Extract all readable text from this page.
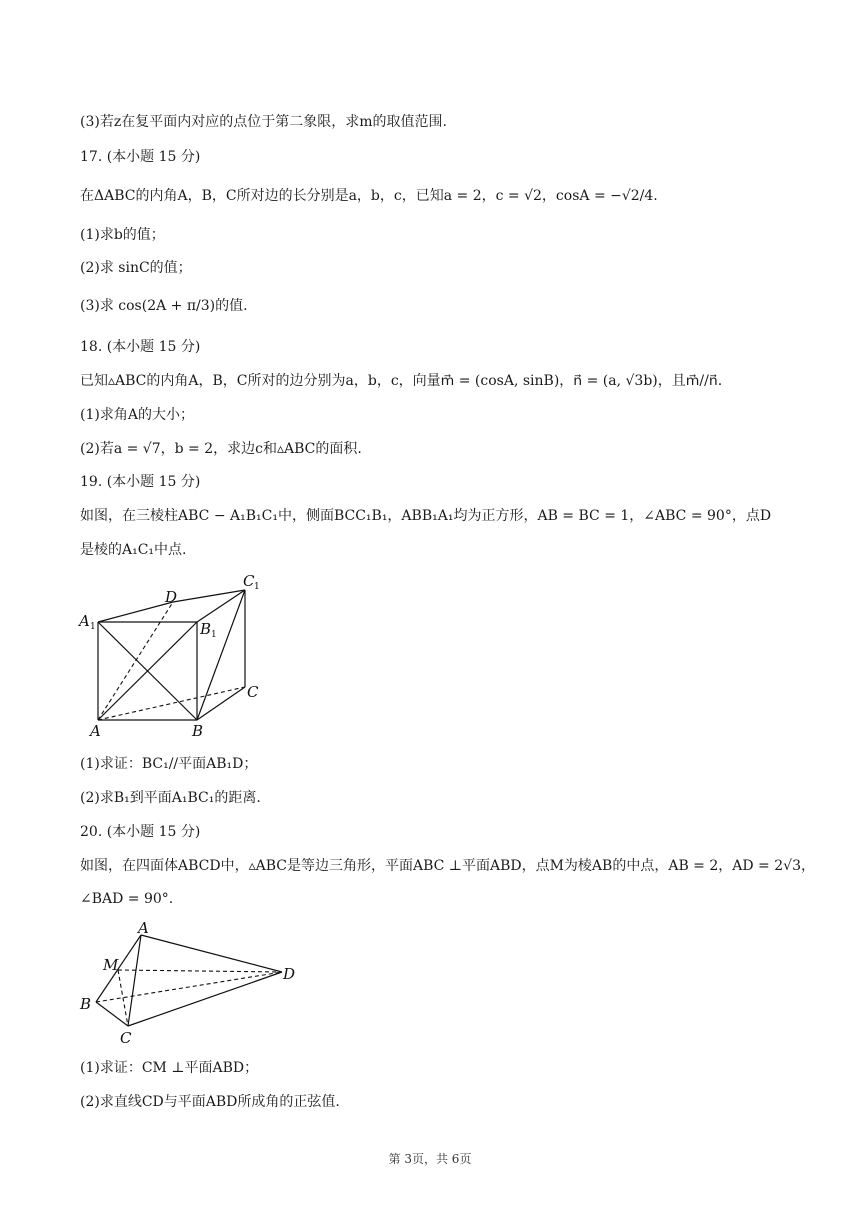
(3)若z在复平面内对应的点位于第二象限，求m的取值范围.
17. (本小题 15 分)
在ΔABC的内角A，B，C所对边的长分别是a，b，c，已知a = 2，c = √2，cosA = −√2/4.
(1)求b的值；
(2)求 sinC的值；
(3)求 cos(2A + π/3)的值.
18. (本小题 15 分)
已知▵ABC的内角A，B，C所对的边分别为a，b，c，向量m⃗ = (cosA, sinB)，n⃗ = (a, √3b)，且m⃗//n⃗.
(1)求角A的大小；
(2)若a = √7，b = 2，求边c和▵ABC的面积.
19. (本小题 15 分)
如图，在三棱柱ABC − A₁B₁C₁中，侧面BCC₁B₁，ABB₁A₁均为正方形，AB = BC = 1，∠ABC = 90°，点D
是棱的A₁C₁中点.
A 1
D
B 1
C 1
C
A	B
(1)求证：BC₁//平面AB₁D；
(2)求B₁到平面A₁BC₁的距离.
20. (本小题 15 分)
如图，在四面体ABCD中，▵ABC是等边三角形，平面ABC ⊥平面ABD，点M为棱AB的中点，AB = 2，AD = 2√3，
∠BAD = 90°.
A
M
B
C
D
(1)求证：CM ⊥平面ABD；
(2)求直线CD与平面ABD所成角的正弦值.
第 3页，共 6页
